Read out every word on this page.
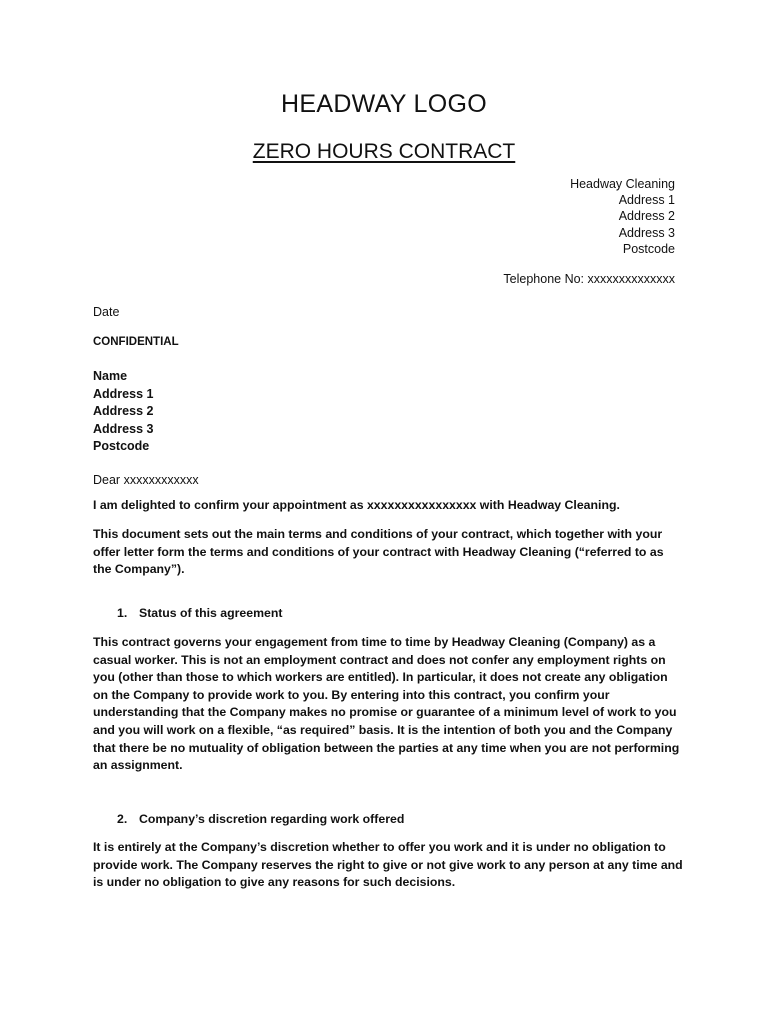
HEADWAY LOGO
ZERO HOURS CONTRACT
Headway Cleaning
Address 1
Address 2
Address 3
Postcode
Telephone No: xxxxxxxxxxxxxx
Date
CONFIDENTIAL
Name
Address 1
Address 2
Address 3
Postcode
Dear xxxxxxxxxxxx

I am delighted to confirm your appointment as xxxxxxxxxxxxxxxx with Headway Cleaning.

This document sets out the main terms and conditions of your contract, which together with your offer letter form the terms and conditions of your contract with Headway Cleaning (“referred to as the Company”).

1. Status of this agreement

This contract governs your engagement from time to time by Headway Cleaning (Company) as a casual worker. This is not an employment contract and does not confer any employment rights on you (other than those to which workers are entitled). In particular, it does not create any obligation on the Company to provide work to you. By entering into this contract, you confirm your understanding that the Company makes no promise or guarantee of a minimum level of work to you and you will work on a flexible, “as required” basis. It is the intention of both you and the Company that there be no mutuality of obligation between the parties at any time when you are not performing an assignment.

2. Company’s discretion regarding work offered

It is entirely at the Company’s discretion whether to offer you work and it is under no obligation to provide work. The Company reserves the right to give or not give work to any person at any time and is under no obligation to give any reasons for such decisions.
